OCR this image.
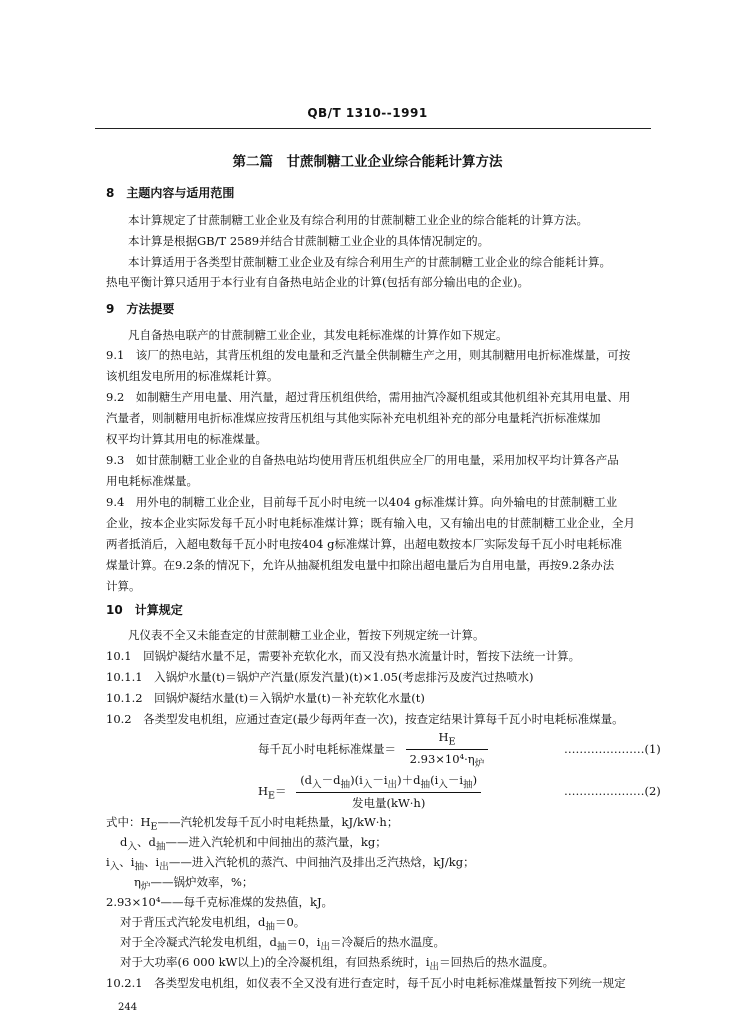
QB/T 1310--1991
第二篇　甘蔗制糖工业企业综合能耗计算方法
8　主题内容与适用范围
本计算规定了甘蔗制糖工业企业及有综合利用的甘蔗制糖工业企业的综合能耗的计算方法。
本计算是根据GB/T 2589并结合甘蔗制糖工业企业的具体情况制定的。
本计算适用于各类型甘蔗制糖工业企业及有综合利用生产的甘蔗制糖工业企业的综合能耗计算。
热电平衡计算只适用于本行业有自备热电站企业的计算(包括有部分输出电的企业)。
9　方法提要
凡自备热电联产的甘蔗制糖工业企业，其发电耗标准煤的计算作如下规定。
9.1　该厂的热电站，其背压机组的发电量和乏汽量全供制糖生产之用，则其制糖用电折标准煤量，可按
该机组发电所用的标准煤耗计算。
9.2　如制糖生产用电量、用汽量，超过背压机组供给，需用抽汽冷凝机组或其他机组补充其用电量、用
汽量者，则制糖用电折标准煤应按背压机组与其他实际补充电机组补充的部分电量耗汽折标准煤加
权平均计算其用电的标准煤量。
9.3　如甘蔗制糖工业企业的自备热电站均使用背压机组供应全厂的用电量，采用加权平均计算各产品
用电耗标准煤量。
9.4　用外电的制糖工业企业，目前每千瓦小时电统一以404 g标准煤计算。向外输电的甘蔗制糖工业
企业，按本企业实际发每千瓦小时电耗标准煤计算；既有输入电，又有输出电的甘蔗制糖工业企业，全月
两者抵消后，入超电数每千瓦小时电按404 g标准煤计算，出超电数按本厂实际发每千瓦小时电耗标准
煤量计算。在9.2条的情况下，允许从抽凝机组发电量中扣除出超电量后为自用电量，再按9.2条办法
计算。
10　计算规定
凡仪表不全又未能查定的甘蔗制糖工业企业，暂按下列规定统一计算。
10.1　回锅炉凝结水量不足，需要补充软化水，而又没有热水流量计时，暂按下法统一计算。
10.1.1　入锅炉水量(t)＝锅炉产汽量(原发汽量)(t)×1.05(考虑排污及废汽过热喷水)
10.1.2　回锅炉凝结水量(t)＝入锅炉水量(t)－补充软化水量(t)
10.2　各类型发电机组，应通过查定(最少每两年查一次)，按查定结果计算每千瓦小时电耗标准煤量。
每千瓦小时电耗标准煤量＝ $\frac{H_E}{2.93\times 10^4\cdot\eta_炉}$	…………………(1)
$H_E= \frac{(d_入-d_抽)(i_入-i_出)+d_抽(i_入-i_抽)}{\text{发电量(kW·h)}}$	…………………(2)
式中：$H_E——$汽轮机发每千瓦小时电耗热量，kJ/kW·h；
$d_入$、$d_抽——$进入汽轮机和中间抽出的蒸汽量，kg；
$i_入$、$i_抽$、$i_出——$进入汽轮机的蒸汽、中间抽汽及排出乏汽热焓，kJ/kg；
$\eta_炉——$锅炉效率，%；
2.93×10⁴——每千克标准煤的发热值，kJ。
对于背压式汽轮发电机组，$d_抽=0$。
对于全冷凝式汽轮发电机组，$d_抽=0$，$i_出=$冷凝后的热水温度。
对于大功率(6 000 kW以上)的全冷凝机组，有回热系统时，$i_出=$回热后的热水温度。
10.2.1　各类型发电机组，如仪表不全又没有进行查定时，每千瓦小时电耗标准煤量暂按下列统一规定
244
